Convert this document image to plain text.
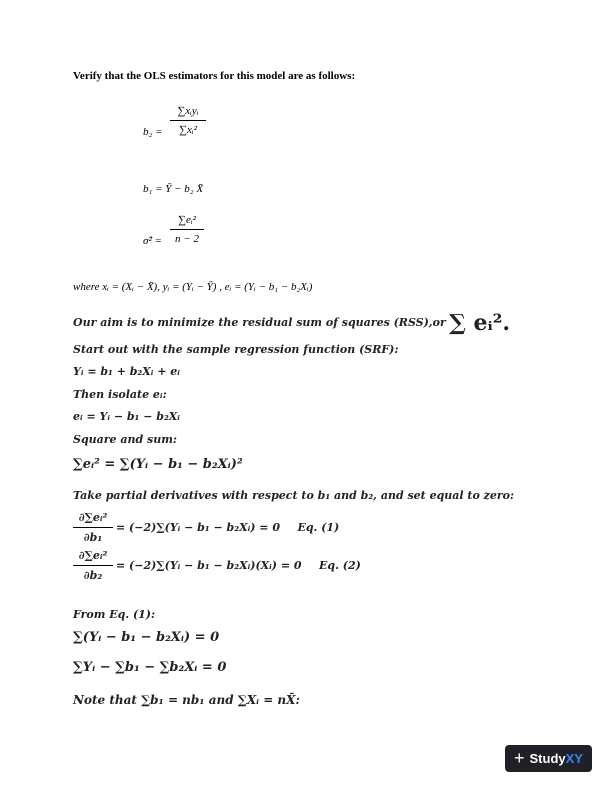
Verify that the OLS estimators for this model are as follows:
b₂ =
∑xᵢyᵢ
∑xᵢ²
b₁ = Ȳ − b₂ X̄
σ̂² =
∑eᵢ²
n − 2
where xᵢ = (Xᵢ − X̄), yᵢ = (Yᵢ − Ȳ) , eᵢ = (Yᵢ − b₁ − b₂Xᵢ)
Our aim is to minimize the residual sum of squares (RSS),or ∑ eᵢ².
Start out with the sample regression function (SRF):
Yᵢ = b₁ + b₂Xᵢ + eᵢ
Then isolate eᵢ:
eᵢ = Yᵢ − b₁ − b₂Xᵢ
Square and sum:
∑eᵢ² = ∑(Yᵢ − b₁ − b₂Xᵢ)²
Take partial derivatives with respect to b₁ and b₂, and set equal to zero:
∂∑eᵢ²
∂b₁
= (−2)∑(Yᵢ − b₁ − b₂Xᵢ) = 0 Eq. (1)
∂∑eᵢ²
∂b₂
= (−2)∑(Yᵢ − b₁ − b₂Xᵢ)(Xᵢ) = 0 Eq. (2)
From Eq. (1):
∑(Yᵢ − b₁ − b₂Xᵢ) = 0
∑Yᵢ − ∑b₁ − ∑b₂Xᵢ = 0
Note that ∑b₁ = nb₁ and ∑Xᵢ = nX̄:
+ StudyXY
